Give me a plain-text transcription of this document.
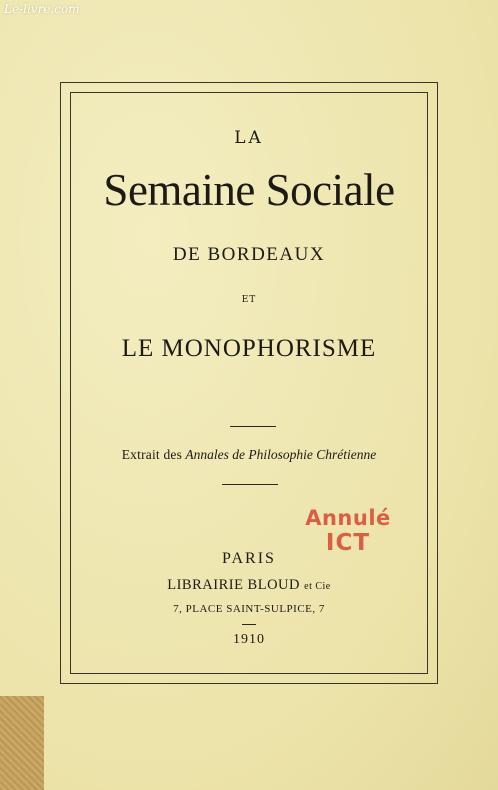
Le-livre.com
LA
Semaine Sociale
DE BORDEAUX
ET
LE MONOPHORISME
Extrait des Annales de Philosophie Chrétienne
PARIS
LIBRAIRIE BLOUD et Cie
7, PLACE SAINT-SULPICE, 7
1910
Annulé
ICT
